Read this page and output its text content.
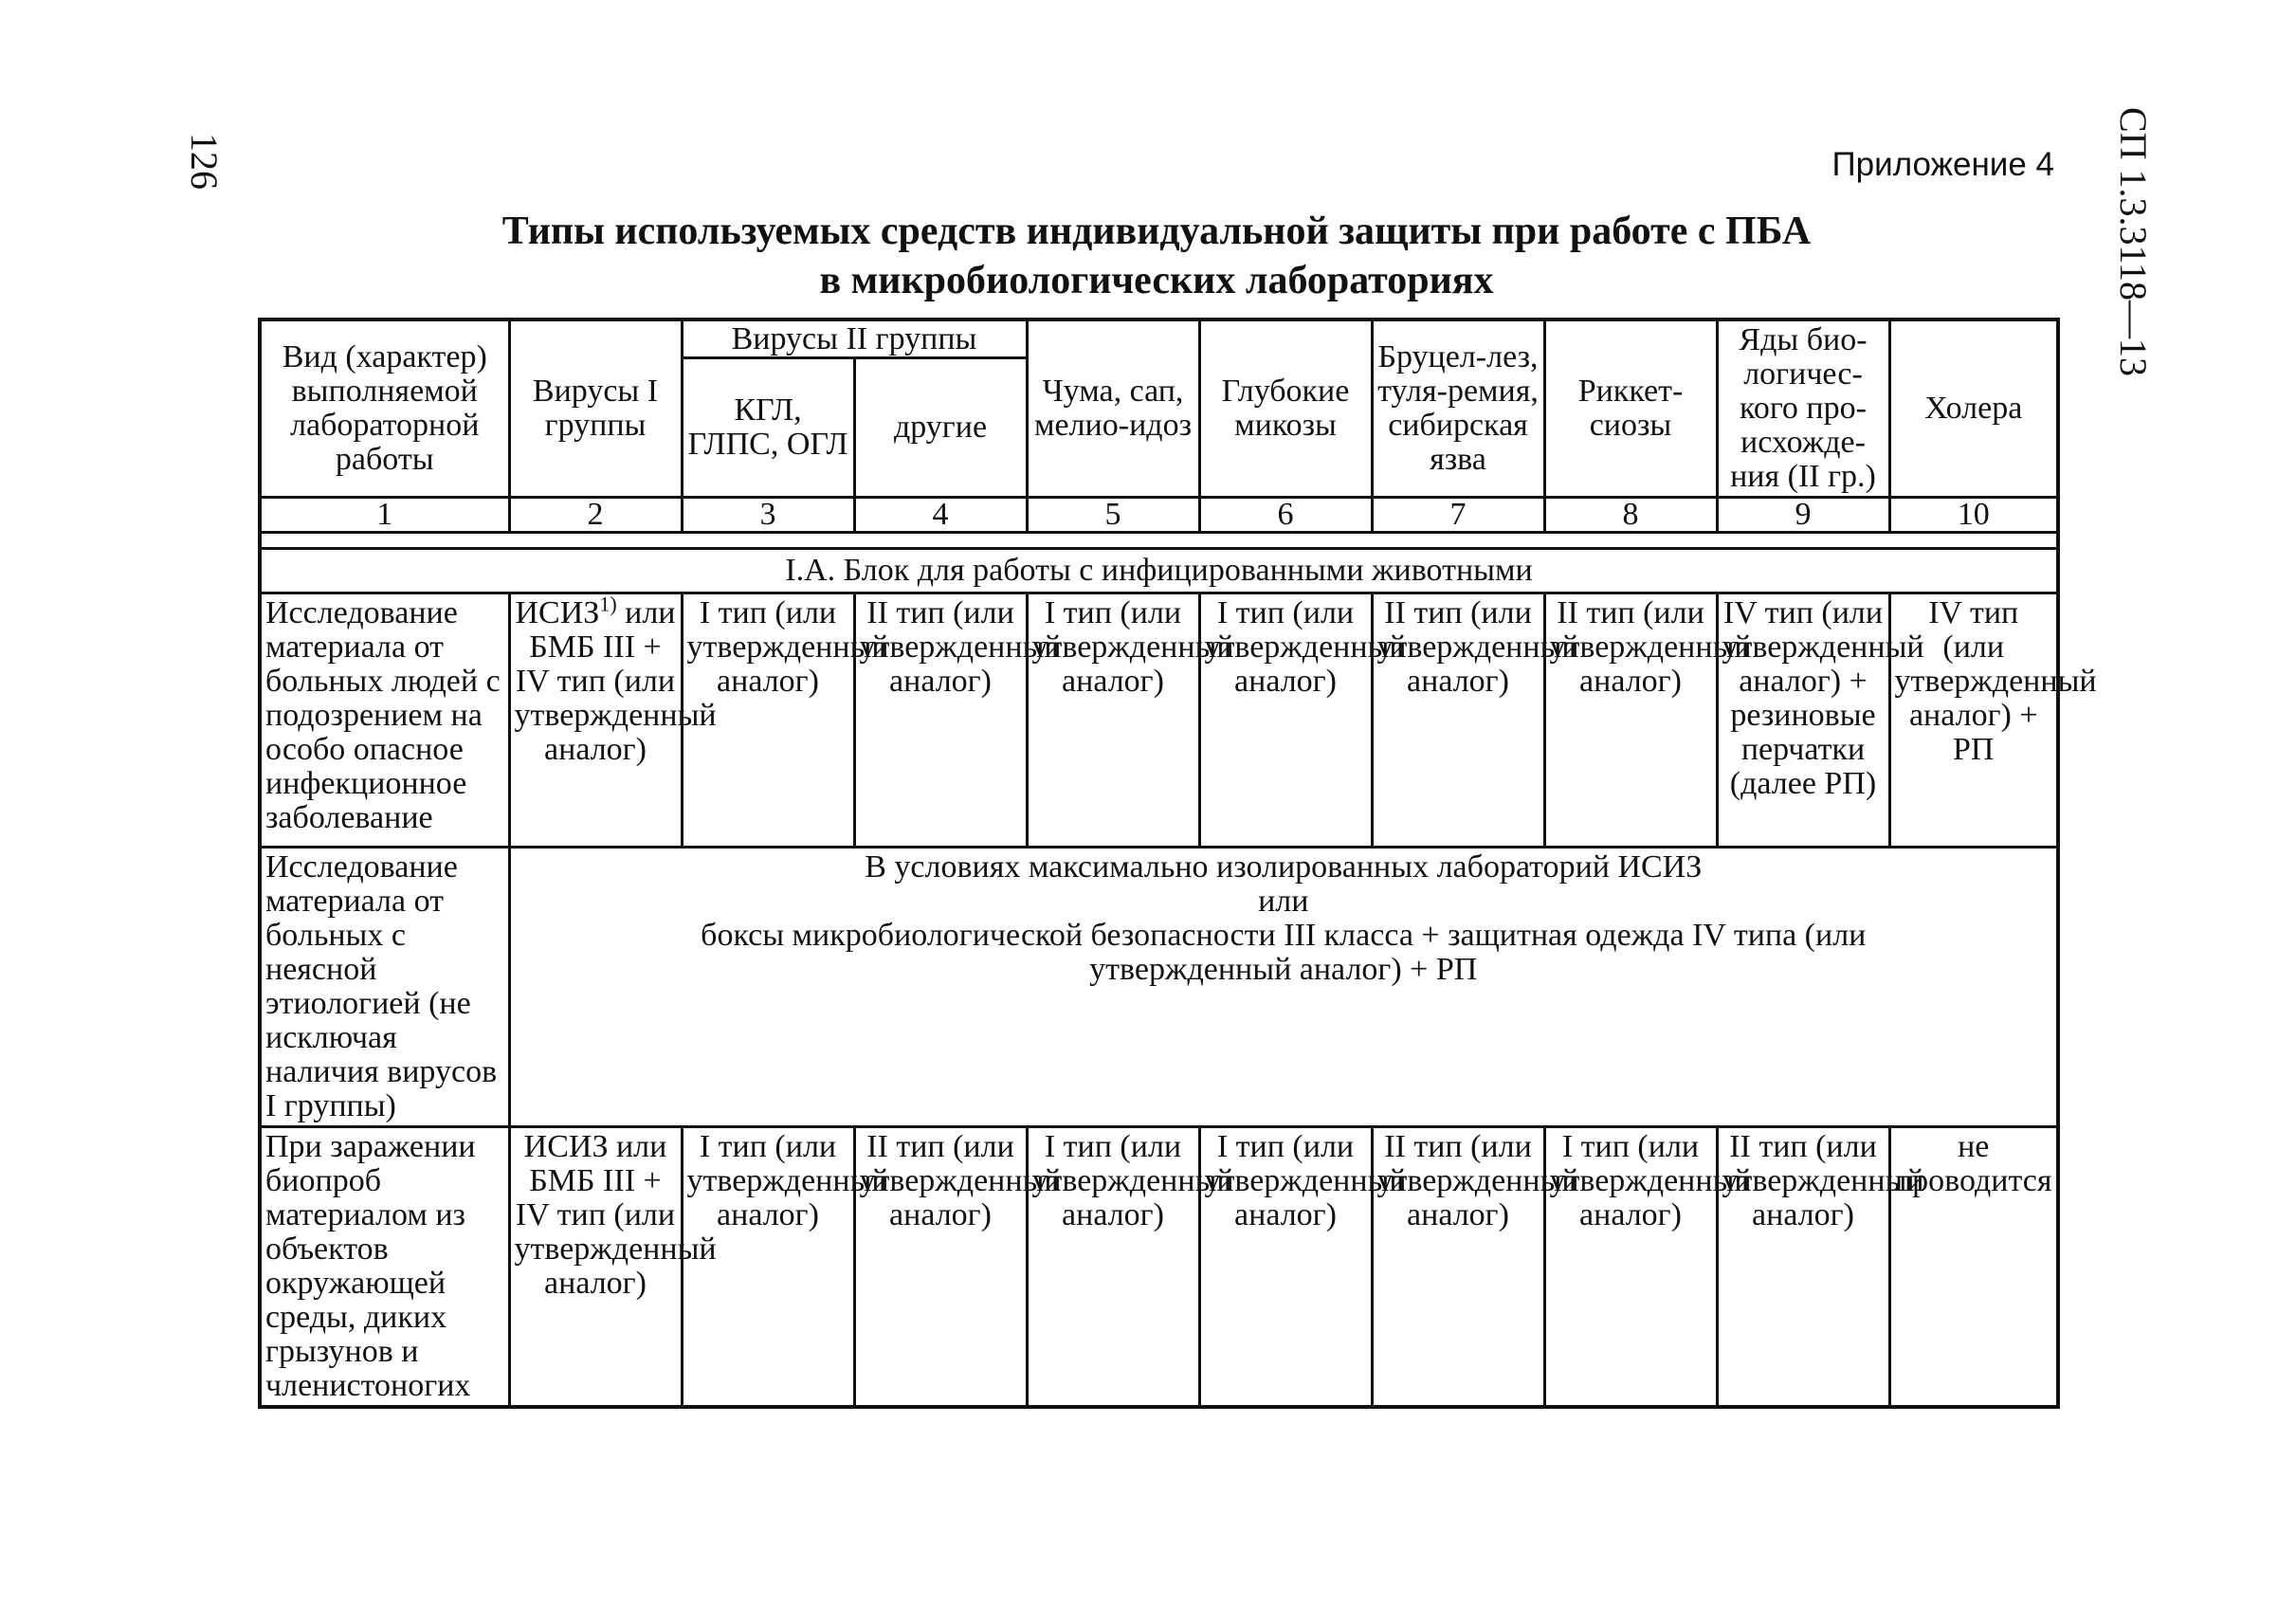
126	СП 1.3.3118—13
Приложение 4
Типы используемых средств индивидуальной защиты при работе с ПБА
в микробиологических лабораториях
Вид (характер) выполняемой лабораторной работы	Вирусы I группы	Вирусы II группы		Чума, сап, мелио-идоз	Глубокие микозы	Бруцел-лез, туля-ремия, сибирская язва	Риккет-сиозы	Яды био-логичес-кого про-исхожде-ния (II гр.)	Холера
		КГЛ, ГЛПС, ОГЛ	другие						
1	2	3	4	5	6	7	8	9	10

I.А. Блок для работы с инфицированными животными									
Исследование материала от больных людей с подозрением на особо опасное инфекционное заболевание	ИСИЗ$^{1)}$ или БМБ III + IV тип (или утвержденный аналог)	I тип (или утвержденный аналог)	II тип (или утвержденный аналог)	I тип (или утвержденный аналог)	I тип (или утвержденный аналог)	II тип (или утвержденный аналог)	II тип (или утвержденный аналог)	IV тип (или утвержденный аналог) + резиновые перчатки (далее РП)	IV тип (или утвержденный аналог) + РП
Исследование материала от больных с неясной этиологией (не исключая наличия вирусов I группы)	В условиях максимально изолированных лабораторий ИСИЗ
или
боксы микробиологической безопасности III класса + защитная одежда IV типа (или утвержденный аналог) + РП								

При заражении биопроб материалом из объектов окружающей среды, диких грызунов и членистоногих	ИСИЗ или БМБ III + IV тип (или утвержденный аналог)	I тип (или утвержденный аналог)	II тип (или утвержденный аналог)	I тип (или утвержденный аналог)	I тип (или утвержденный аналог)	II тип (или утвержденный аналог)	I тип (или утвержденный аналог)	II тип (или утвержденный аналог)	не проводится
